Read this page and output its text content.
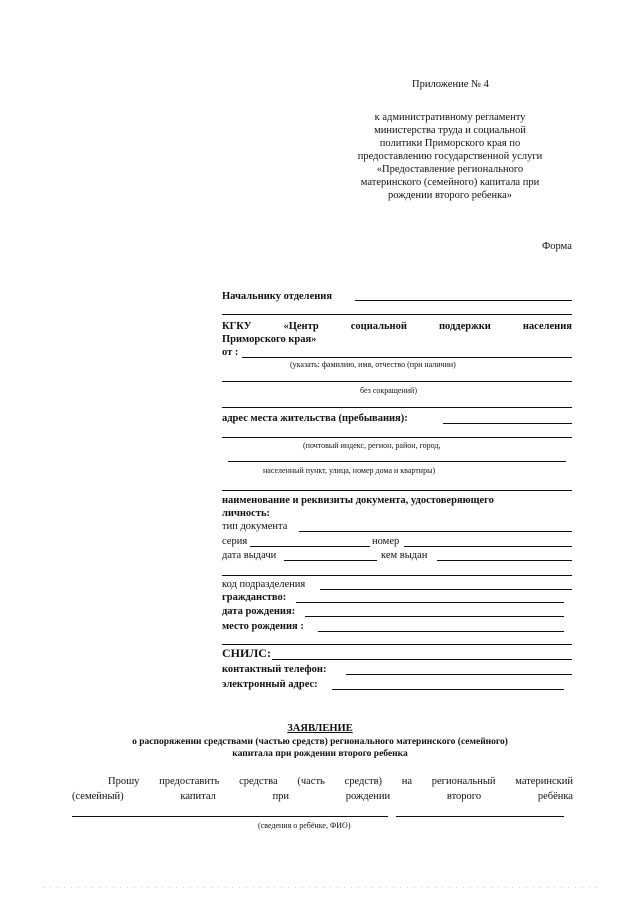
Приложение № 4
к административному регламенту
министерства труда и социальной
политики Приморского края по
предоставлению государственной услуги
«Предоставление регионального
материнского (семейного) капитала при
рождении второго ребенка»
Форма
Начальнику отделения
КГКУ	«Центр	социальной	поддержки	населения
Приморского края»
от :
(указать: фамилию, имя, отчество (при наличии)
без сокращений)
адрес места жительства (пребывания):
(почтовый индекс, регион, район, город,
населенный пункт, улица, номер дома и квартиры)
наименование и реквизиты документа, удостоверяющего
личность:
тип документа
серия	номер
дата выдачи	кем выдан
код подразделения
гражданство:
дата рождения:
место рождения :
СНИЛС:
контактный телефон:
электронный адрес:
ЗАЯВЛЕНИЕ
о распоряжении средствами (частью средств) регионального материнского (семейного)
капитала при рождении второго ребенка
Прошу предоставить средства (часть средств) на региональный материнский
(семейный)	капитал	при	рождении	второго	ребёнка
(сведения о ребёнке, ФИО)
